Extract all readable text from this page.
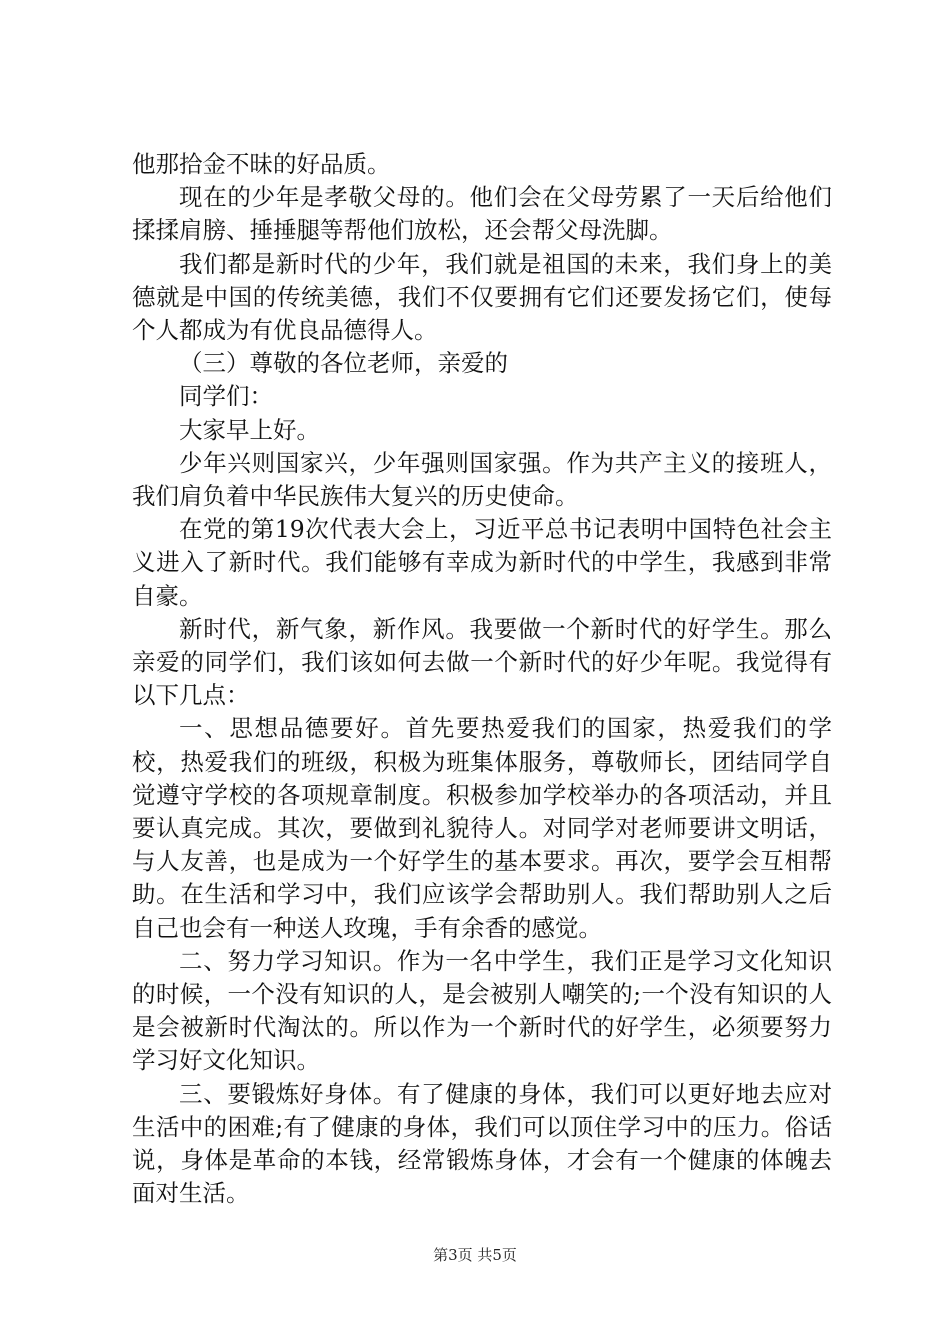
他那拾金不昧的好品质。

现在的少年是孝敬父母的。他们会在父母劳累了一天后给他们揉揉肩膀、捶捶腿等帮他们放松，还会帮父母洗脚。

我们都是新时代的少年，我们就是祖国的未来，我们身上的美德就是中国的传统美德，我们不仅要拥有它们还要发扬它们，使每个人都成为有优良品德得人。

（三）尊敬的各位老师，亲爱的

同学们：

大家早上好。

少年兴则国家兴，少年强则国家强。作为共产主义的接班人，我们肩负着中华民族伟大复兴的历史使命。

在党的第19次代表大会上，习近平总书记表明中国特色社会主义进入了新时代。我们能够有幸成为新时代的中学生，我感到非常自豪。

新时代，新气象，新作风。我要做一个新时代的好学生。那么亲爱的同学们，我们该如何去做一个新时代的好少年呢。我觉得有以下几点：

一、思想品德要好。首先要热爱我们的国家，热爱我们的学校，热爱我们的班级，积极为班集体服务，尊敬师长，团结同学自觉遵守学校的各项规章制度。积极参加学校举办的各项活动，并且要认真完成。其次，要做到礼貌待人。对同学对老师要讲文明话，与人友善，也是成为一个好学生的基本要求。再次，要学会互相帮助。在生活和学习中，我们应该学会帮助别人。我们帮助别人之后自己也会有一种送人玫瑰，手有余香的感觉。

二、努力学习知识。作为一名中学生，我们正是学习文化知识的时候，一个没有知识的人，是会被别人嘲笑的;一个没有知识的人是会被新时代淘汰的。所以作为一个新时代的好学生，必须要努力学习好文化知识。

三、要锻炼好身体。有了健康的身体，我们可以更好地去应对生活中的困难;有了健康的身体，我们可以顶住学习中的压力。俗话说，身体是革命的本钱，经常锻炼身体，才会有一个健康的体魄去面对生活。

第3页 共5页
